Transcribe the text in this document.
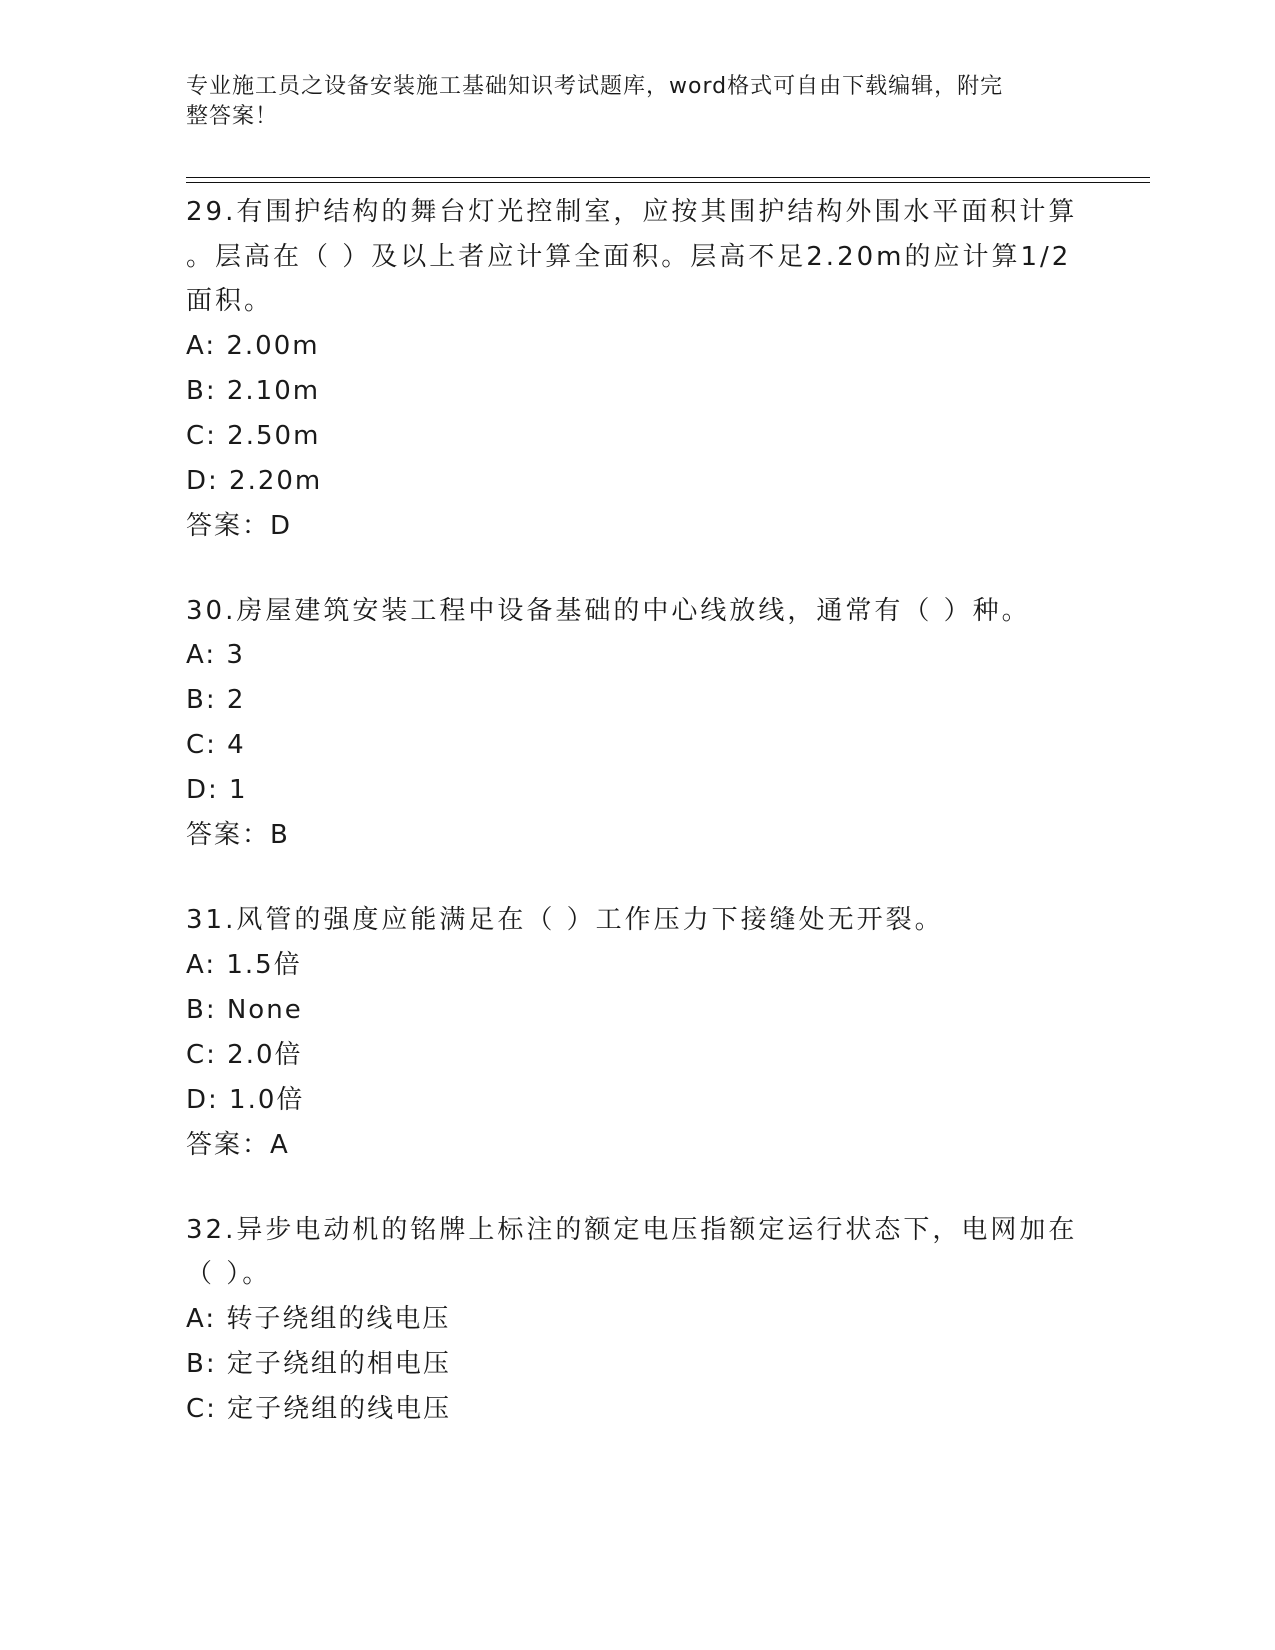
专业施工员之设备安装施工基础知识考试题库，word格式可自由下载编辑，附完
整答案！

29.有围护结构的舞台灯光控制室，应按其围护结构外围水平面积计算

。层高在（ ）及以上者应计算全面积。层高不足2.20m的应计算1/2

面积。

A: 2.00m

B: 2.10m

C: 2.50m

D: 2.20m

答案：D

30.房屋建筑安装工程中设备基础的中心线放线，通常有（ ）种。

A: 3

B: 2

C: 4

D: 1

答案：B

31.风管的强度应能满足在（ ）工作压力下接缝处无开裂。

A: 1.5倍

B: None

C: 2.0倍

D: 1.0倍

答案：A

32.异步电动机的铭牌上标注的额定电压指额定运行状态下，电网加在

（ ）。

A: 转子绕组的线电压

B: 定子绕组的相电压

C: 定子绕组的线电压
